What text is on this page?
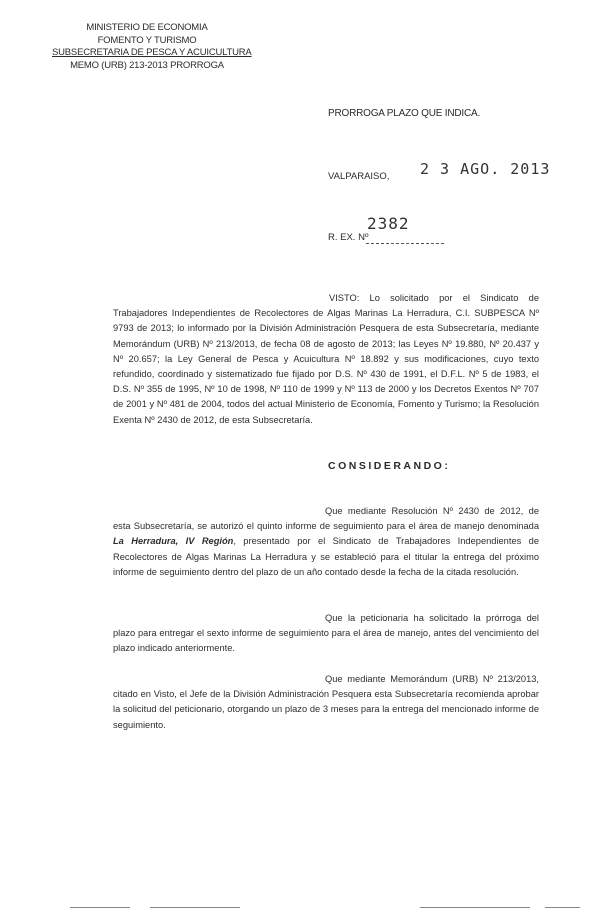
MINISTERIO DE ECONOMIA
FOMENTO Y TURISMO
SUBSECRETARIA DE PESCA Y ACUICULTURA
MEMO (URB) 213-2013 PRORROGA
PRORROGA PLAZO QUE INDICA.
VALPARAISO, 2 3 AGO. 2013
2382
R. EX. Nº
VISTO: Lo solicitado por el Sindicato de Trabajadores Independientes de Recolectores de Algas Marinas La Herradura, C.I. SUBPESCA Nº 9793 de 2013; lo informado por la División Administración Pesquera de esta Subsecretaría, mediante Memorándum (URB) Nº 213/2013, de fecha 08 de agosto de 2013; las Leyes Nº 19.880, Nº 20.437 y Nº 20.657; la Ley General de Pesca y Acuicultura Nº 18.892 y sus modificaciones, cuyo texto refundido, coordinado y sistematizado fue fijado por D.S. Nº 430 de 1991, el D.F.L. Nº 5 de 1983, el D.S. Nº 355 de 1995, Nº 10 de 1998, Nº 110 de 1999 y Nº 113 de 2000 y los Decretos Exentos Nº 707 de 2001 y Nº 481 de 2004, todos del actual Ministerio de Economía, Fomento y Turismo; la Resolución Exenta Nº 2430 de 2012, de esta Subsecretaría.
CONSIDERANDO:
Que mediante Resolución Nº 2430 de 2012, de esta Subsecretaría, se autorizó el quinto informe de seguimiento para el área de manejo denominada La Herradura, IV Región, presentado por el Sindicato de Trabajadores Independientes de Recolectores de Algas Marinas La Herradura y se estableció para el titular la entrega del próximo informe de seguimiento dentro del plazo de un año contado desde la fecha de la citada resolución.
Que la peticionaria ha solicitado la prórroga del plazo para entregar el sexto informe de seguimiento para el área de manejo, antes del vencimiento del plazo indicado anteriormente.
Que mediante Memorándum (URB) Nº 213/2013, citado en Visto, el Jefe de la División Administración Pesquera esta Subsecretaría recomienda aprobar la solicitud del peticionario, otorgando un plazo de 3 meses para la entrega del mencionado informe de seguimiento.
